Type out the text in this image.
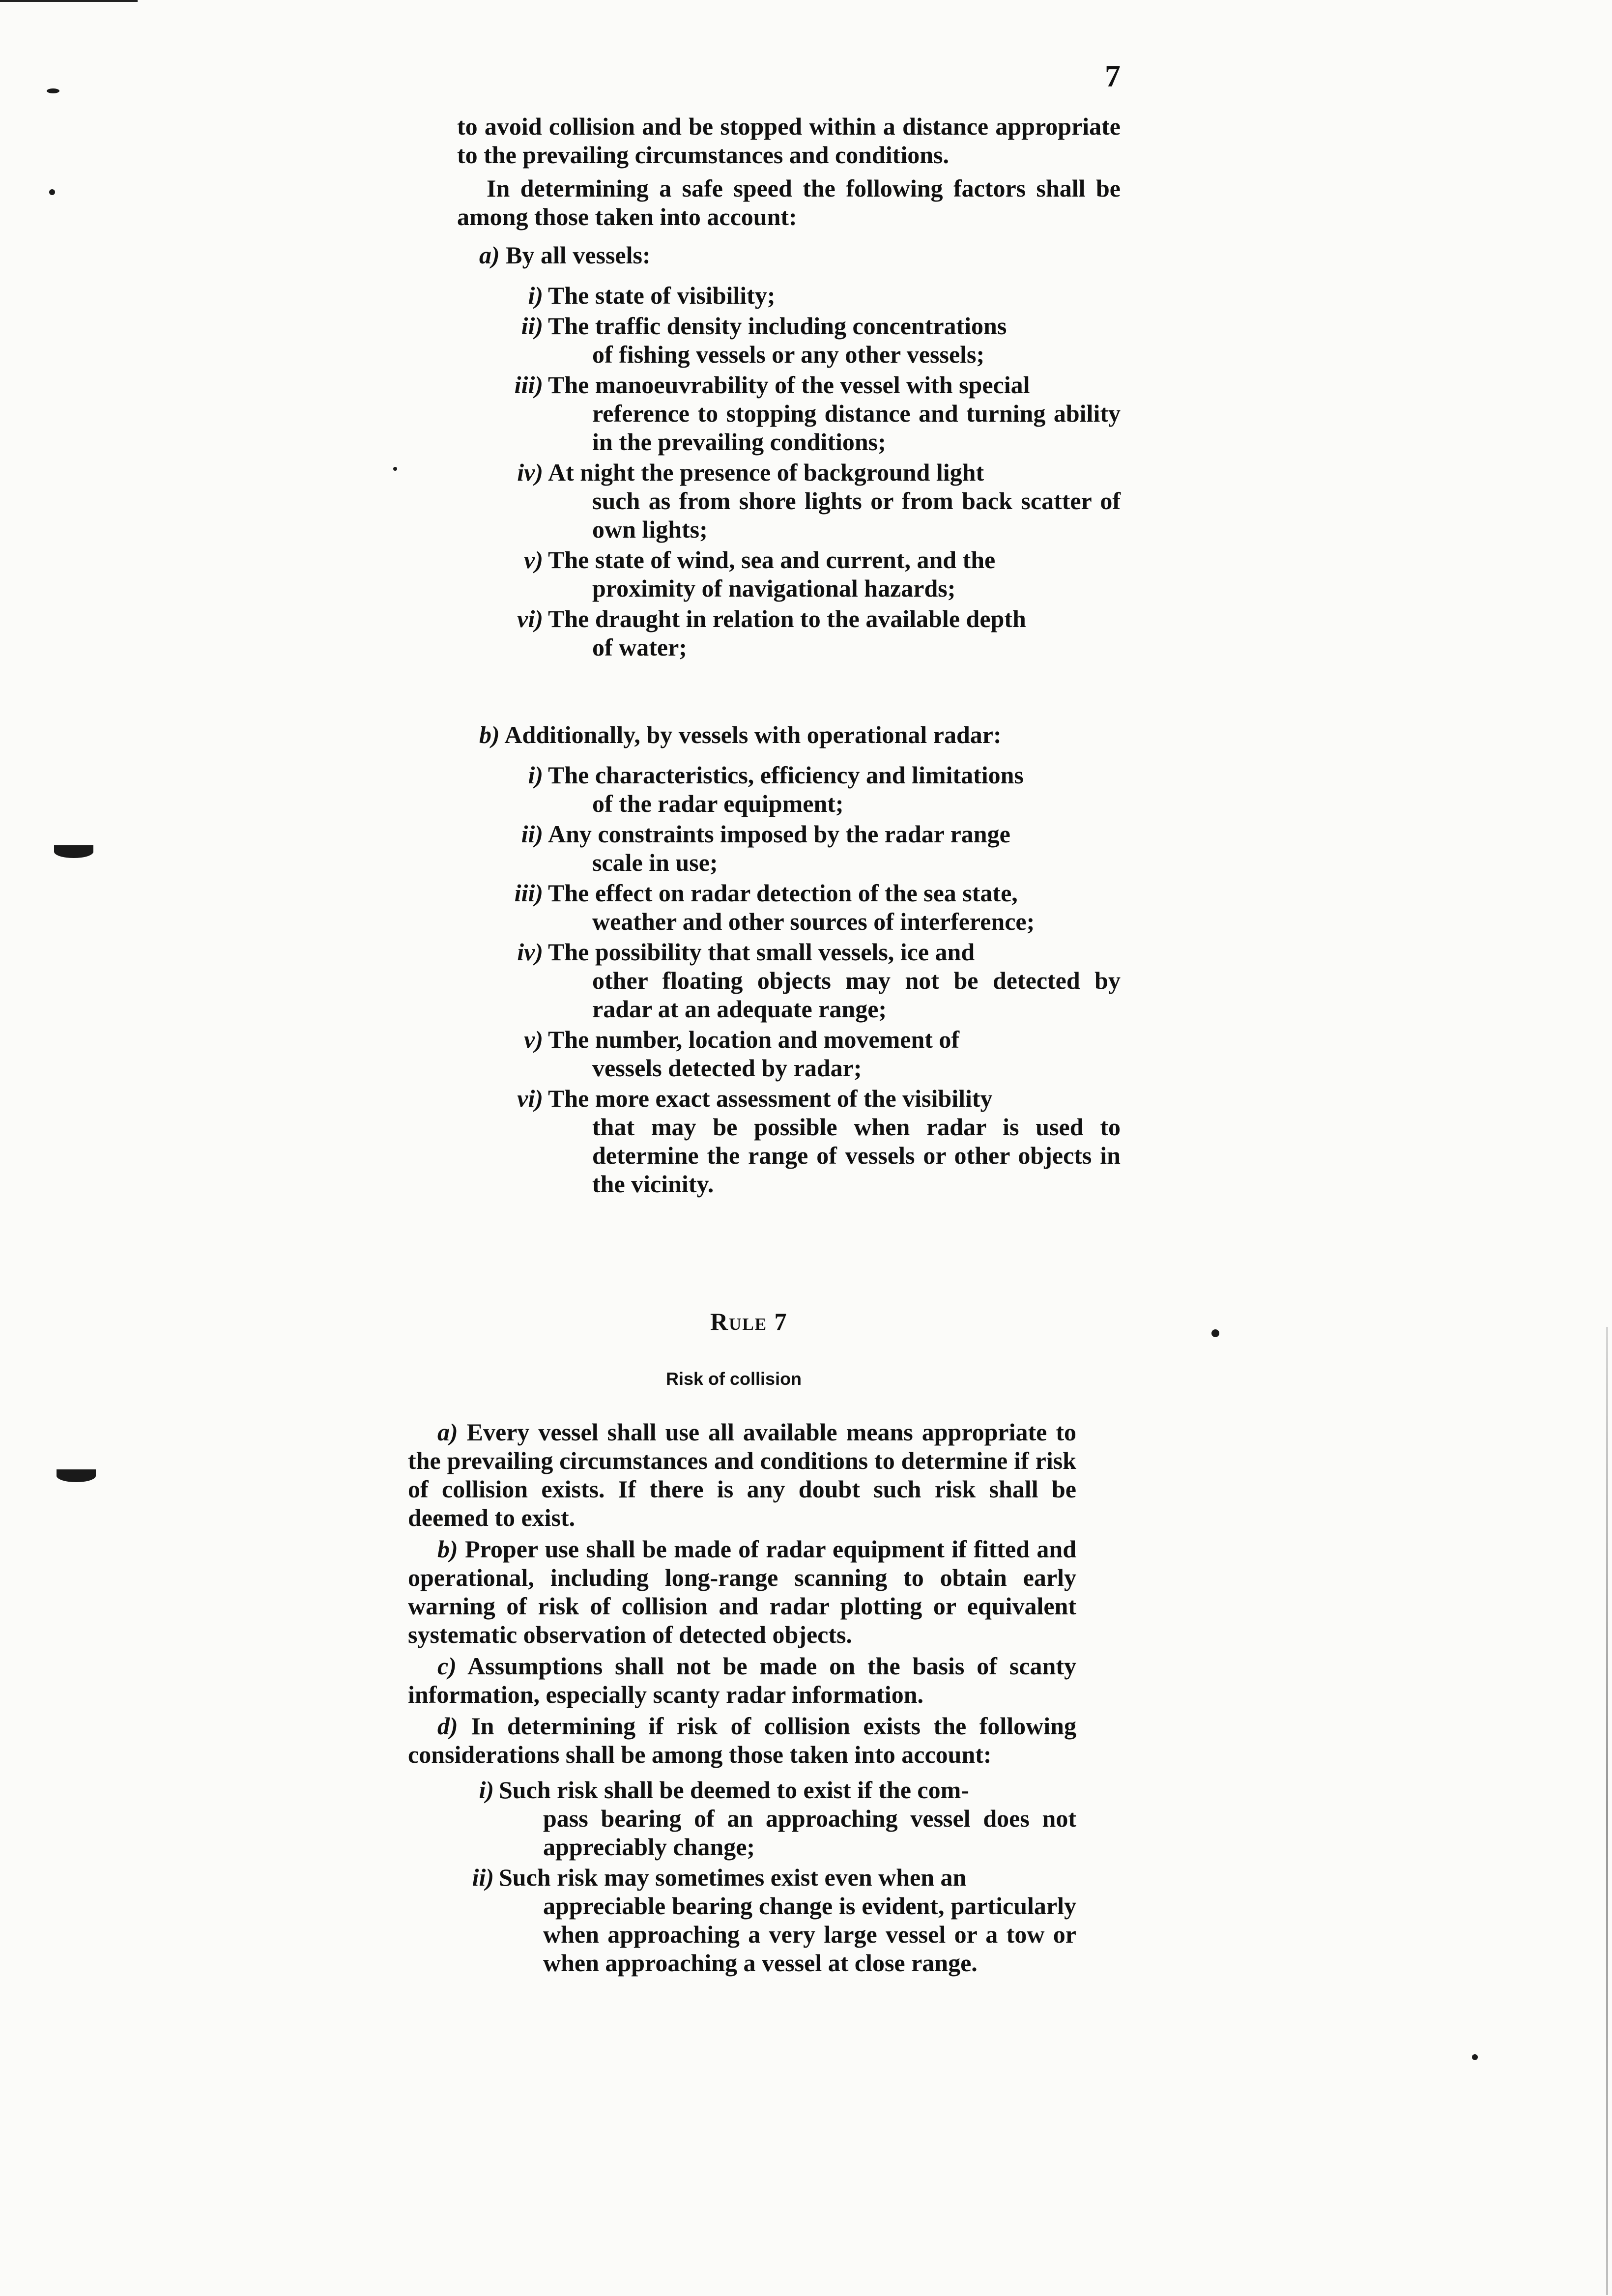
7

to avoid collision and be stopped within a distance appropriate to the prevailing circumstances and conditions.

In determining a safe speed the following factors shall be among those taken into account:

a) By all vessels:
i) The state of visibility;
ii) The traffic density including concentrations
of fishing vessels or any other vessels;
iii) The manoeuvrability of the vessel with special
reference to stopping distance and turning ability in the prevailing conditions;
iv) At night the presence of background light
such as from shore lights or from back scatter of own lights;
v) The state of wind, sea and current, and the
proximity of navigational hazards;
vi) The draught in relation to the available depth
of water;
b) Additionally, by vessels with operational radar:
i) The characteristics, efficiency and limitations
of the radar equipment;
ii) Any constraints imposed by the radar range
scale in use;
iii) The effect on radar detection of the sea state,
weather and other sources of interference;
iv) The possibility that small vessels, ice and
other floating objects may not be detected by radar at an adequate range;
v) The number, location and movement of
vessels detected by radar;
vi) The more exact assessment of the visibility
that may be possible when radar is used to determine the range of vessels or other objects in the vicinity.
Rule 7
Risk of collision

a) Every vessel shall use all available means appropriate to the prevailing circumstances and conditions to determine if risk of collision exists. If there is any doubt such risk shall be deemed to exist.

b) Proper use shall be made of radar equipment if fitted and operational, including long-range scanning to obtain early warning of risk of collision and radar plotting or equivalent systematic observation of detected objects.

c) Assumptions shall not be made on the basis of scanty information, especially scanty radar information.

d) In determining if risk of collision exists the following considerations shall be among those taken into account:

i) Such risk shall be deemed to exist if the com-
pass bearing of an approaching vessel does not appreciably change;
ii) Such risk may sometimes exist even when an
appreciable bearing change is evident, particularly when approaching a very large vessel or a tow or when approaching a vessel at close range.
